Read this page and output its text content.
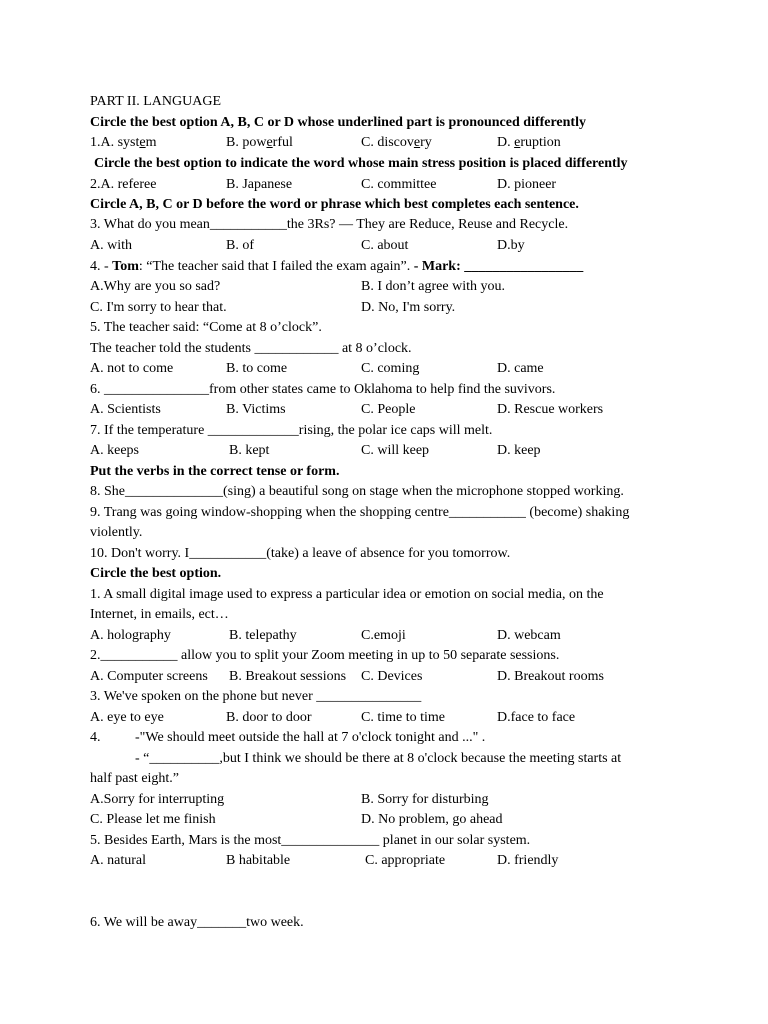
PART II. LANGUAGE
Circle the best option A, B, C or D whose underlined part is pronounced differently
1.A. system	B. powerful	C. discovery	D. eruption
Circle the best option to indicate the word whose main stress position is placed differently
2.A. referee	B. Japanese	C. committee	D. pioneer
Circle A, B, C or D before the word or phrase which best completes each sentence.
3. What do you mean___________the 3Rs? — They are Reduce, Reuse and Recycle.
A. with	B. of	C. about	D.by
4. - Tom: “The teacher said that I failed the exam again”. - Mark: _________________
A.Why are you so sad?	B. I don’t agree with you.
C. I'm sorry to hear that.	D. No, I'm sorry.
5. The teacher said: “Come at 8 o’clock”.
The teacher told the students ____________ at 8 o’clock.
A. not to come	B. to come	C. coming	D. came
6. _______________from other states came to Oklahoma to help find the suvivors.
A. Scientists	B. Victims	C. People	D. Rescue workers
7. If the temperature _____________rising, the polar ice caps will melt.
A. keeps	B. kept	C. will keep	D. keep
Put the verbs in the correct tense or form.
8. She______________(sing) a beautiful song on stage when the microphone stopped working.
9. Trang was going window-shopping when the shopping centre___________ (become) shaking
violently.
10. Don't worry. I___________(take) a leave of absence for you tomorrow.
Circle the best option.
1. A small digital image used to express a particular idea or emotion on social media, on the
Internet, in emails, ect…
A. holography	B. telepathy	C.emoji	D. webcam
2.___________ allow you to split your Zoom meeting in up to 50 separate sessions.
A. Computer screens B. Breakout sessions C. Devices	D. Breakout rooms
3. We've spoken on the phone but never _______________
A. eye to eye	B. door to door	C. time to time	D.face to face
4. -"We should meet outside the hall at 7 o'clock tonight and ..." .
- “__________,but I think we should be there at 8 o'clock because the meeting starts at
half past eight.”
A.Sorry for interrupting	B. Sorry for disturbing
C. Please let me finish	D. No problem, go ahead
5. Besides Earth, Mars is the most______________ planet in our solar system.
A. natural	B habitable	C. appropriate	D. friendly
6. We will be away_______two week.
